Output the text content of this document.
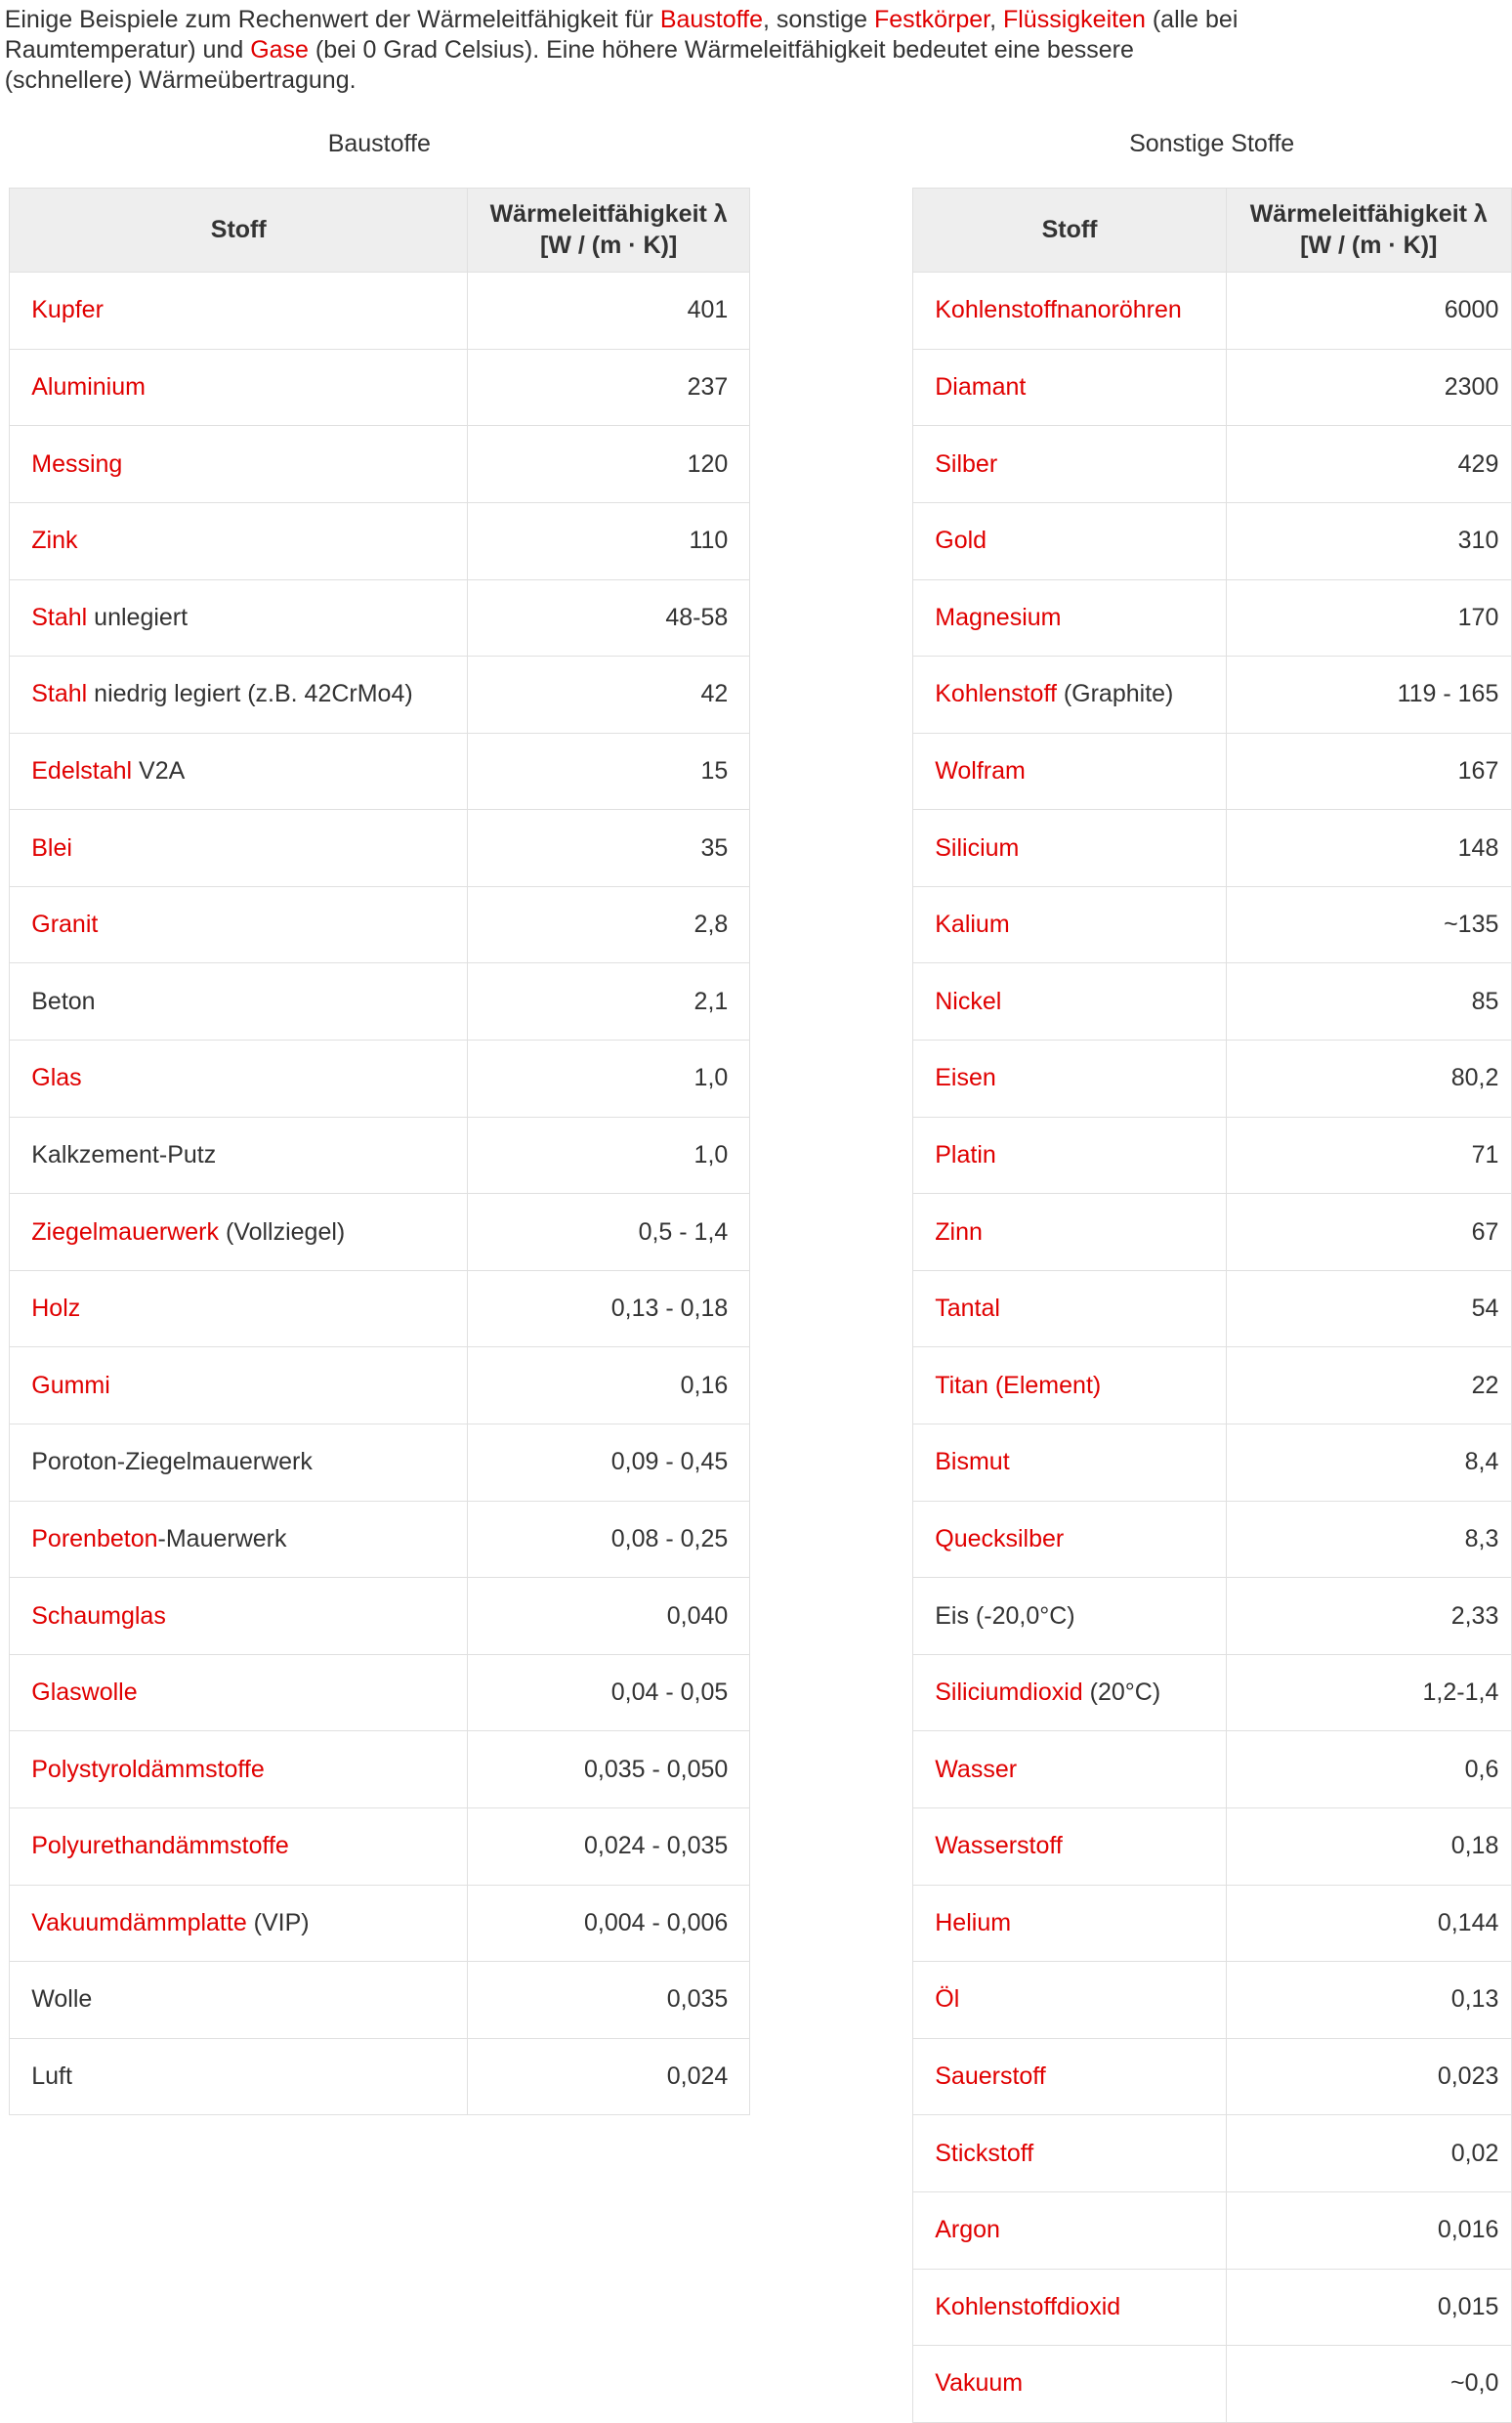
Einige Beispiele zum Rechenwert der Wärmeleitfähigkeit für Baustoffe, sonstige Festkörper, Flüssigkeiten (alle bei Raumtemperatur) und Gase (bei 0 Grad Celsius). Eine höhere Wärmeleitfähigkeit bedeutet eine bessere (schnellere) Wärmeübertragung.
Baustoffe	Sonstige Stoffe
Stoff	Wärmeleitfähigkeit λ
[W / (m · K)]
Kupfer	401
Aluminium	237
Messing	120
Zink	110
Stahl unlegiert	48-58
Stahl niedrig legiert (z.B. 42CrMo4)	42
Edelstahl V2A	15
Blei	35
Granit	2,8
Beton	2,1
Glas	1,0
Kalkzement-Putz	1,0
Ziegelmauerwerk (Vollziegel)	0,5 - 1,4
Holz	0,13 - 0,18
Gummi	0,16
Poroton-Ziegelmauerwerk	0,09 - 0,45
Porenbeton-Mauerwerk	0,08 - 0,25
Schaumglas	0,040
Glaswolle	0,04 - 0,05
Polystyroldämmstoffe	0,035 - 0,050
Polyurethandämmstoffe	0,024 - 0,035
Vakuumdämmplatte (VIP)	0,004 - 0,006
Wolle	0,035
Luft	0,024
Stoff	Wärmeleitfähigkeit λ
[W / (m · K)]
Kohlenstoffnanoröhren	6000
Diamant	2300
Silber	429
Gold	310
Magnesium	170
Kohlenstoff (Graphite)	119 - 165
Wolfram	167
Silicium	148
Kalium	~135
Nickel	85
Eisen	80,2
Platin	71
Zinn	67
Tantal	54
Titan (Element)	22
Bismut	8,4
Quecksilber	8,3
Eis (-20,0°C)	2,33
Siliciumdioxid (20°C)	1,2-1,4
Wasser	0,6
Wasserstoff	0,18
Helium	0,144
Öl	0,13
Sauerstoff	0,023
Stickstoff	0,02
Argon	0,016
Kohlenstoffdioxid	0,015
Vakuum	~0,0
